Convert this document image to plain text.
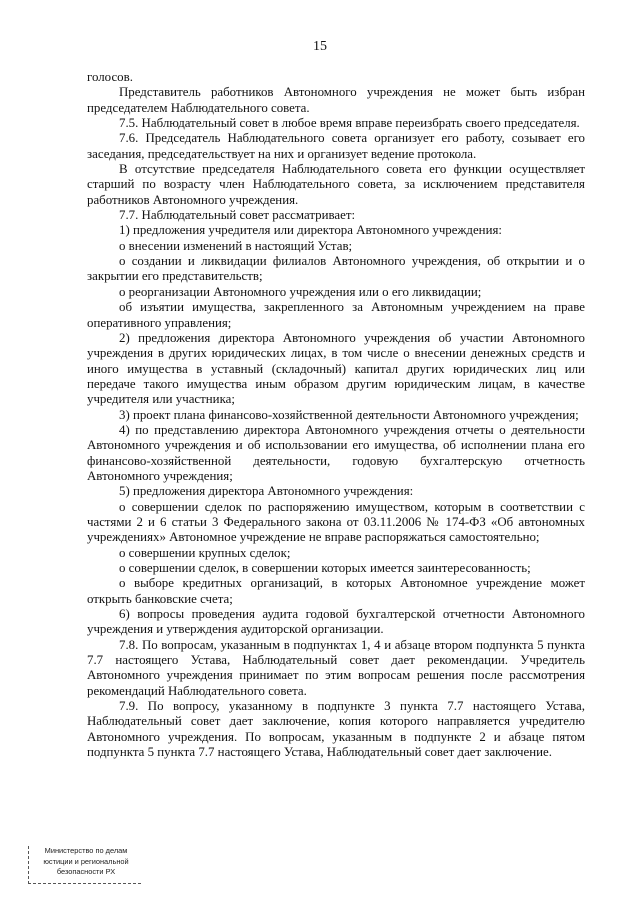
15

голосов.

Представитель работников Автономного учреждения не может быть избран председателем Наблюдательного совета.

7.5. Наблюдательный совет в любое время вправе переизбрать своего председателя.

7.6. Председатель Наблюдательного совета организует его работу, созывает его заседания, председательствует на них и организует ведение протокола.

В отсутствие председателя Наблюдательного совета его функции осуществляет старший по возрасту член Наблюдательного совета, за исключением представителя работников Автономного учреждения.

7.7. Наблюдательный совет рассматривает:

1) предложения учредителя или директора Автономного учреждения:

о внесении изменений в настоящий Устав;

о создании и ликвидации филиалов Автономного учреждения, об открытии и о закрытии его представительств;

о реорганизации Автономного учреждения или о его ликвидации;

об изъятии имущества, закрепленного за Автономным учреждением на праве оперативного управления;

2) предложения директора Автономного учреждения об участии Автономного учреждения в других юридических лицах, в том числе о внесении денежных средств и иного имущества в уставный (складочный) капитал других юридических лиц или передаче такого имущества иным образом другим юридическим лицам, в качестве учредителя или участника;

3) проект плана финансово-хозяйственной деятельности Автономного учреждения;

4) по представлению директора Автономного учреждения отчеты о деятельности Автономного учреждения и об использовании его имущества, об исполнении плана его финансово-хозяйственной деятельности, годовую бухгалтерскую отчетность Автономного учреждения;

5) предложения директора Автономного учреждения:

о совершении сделок по распоряжению имуществом, которым в соответствии с частями 2 и 6 статьи 3 Федерального закона от 03.11.2006 № 174-ФЗ «Об автономных учреждениях» Автономное учреждение не вправе распоряжаться самостоятельно;

о совершении крупных сделок;

о совершении сделок, в совершении которых имеется заинтересованность;

о выборе кредитных организаций, в которых Автономное учреждение может открыть банковские счета;

6) вопросы проведения аудита годовой бухгалтерской отчетности Автономного учреждения и утверждения аудиторской организации.

7.8. По вопросам, указанным в подпунктах 1, 4 и абзаце втором подпункта 5 пункта 7.7 настоящего Устава, Наблюдательный совет дает рекомендации. Учредитель Автономного учреждения принимает по этим вопросам решения после рассмотрения рекомендаций Наблюдательного совета.

7.9. По вопросу, указанному в подпункте 3 пункта 7.7 настоящего Устава, Наблюдательный совет дает заключение, копия которого направляется учредителю Автономного учреждения. По вопросам, указанным в подпункте 2 и абзаце пятом подпункта 5 пункта 7.7 настоящего Устава, Наблюдательный совет дает заключение.

Министерство по делам
юстиции и региональной
безопасности РХ
